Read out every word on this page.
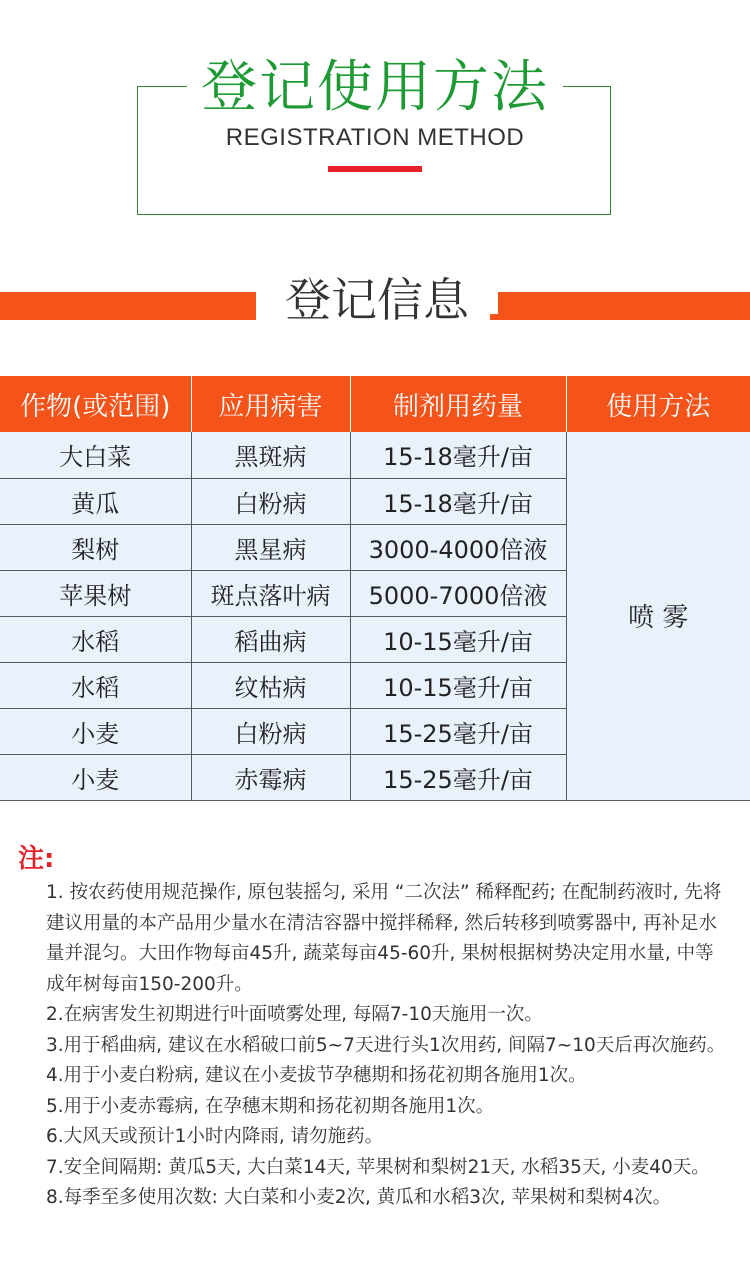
登记使用方法
REGISTRATION METHOD
登记信息
作物(或范围)	应用病害	制剂用药量	使用方法
大白菜	黑斑病	15-18毫升/亩	喷 雾
黄瓜	白粉病	15-18毫升/亩	
梨树	黑星病	3000-4000倍液	
苹果树	斑点落叶病	5000-7000倍液	
水稻	稻曲病	10-15毫升/亩	
水稻	纹枯病	10-15毫升/亩	
小麦	白粉病	15-25毫升/亩	
小麦	赤霉病	15-25毫升/亩	
注:

1. 按农药使用规范操作, 原包装摇匀, 采用 “二次法” 稀释配药; 在配制药液时, 先将建议用量的本产品用少量水在清洁容器中搅拌稀释, 然后转移到喷雾器中, 再补足水量并混匀。大田作物每亩45升, 蔬菜每亩45-60升, 果树根据树势决定用水量, 中等成年树每亩150-200升。

2.在病害发生初期进行叶面喷雾处理, 每隔7-10天施用一次。

3.用于稻曲病, 建议在水稻破口前5~7天进行头1次用药, 间隔7~10天后再次施药。

4.用于小麦白粉病, 建议在小麦拔节孕穗期和扬花初期各施用1次。

5.用于小麦赤霉病, 在孕穗末期和扬花初期各施用1次。

6.大风天或预计1小时内降雨, 请勿施药。

7.安全间隔期: 黄瓜5天, 大白菜14天, 苹果树和梨树21天, 水稻35天, 小麦40天。

8.每季至多使用次数: 大白菜和小麦2次, 黄瓜和水稻3次, 苹果树和梨树4次。
